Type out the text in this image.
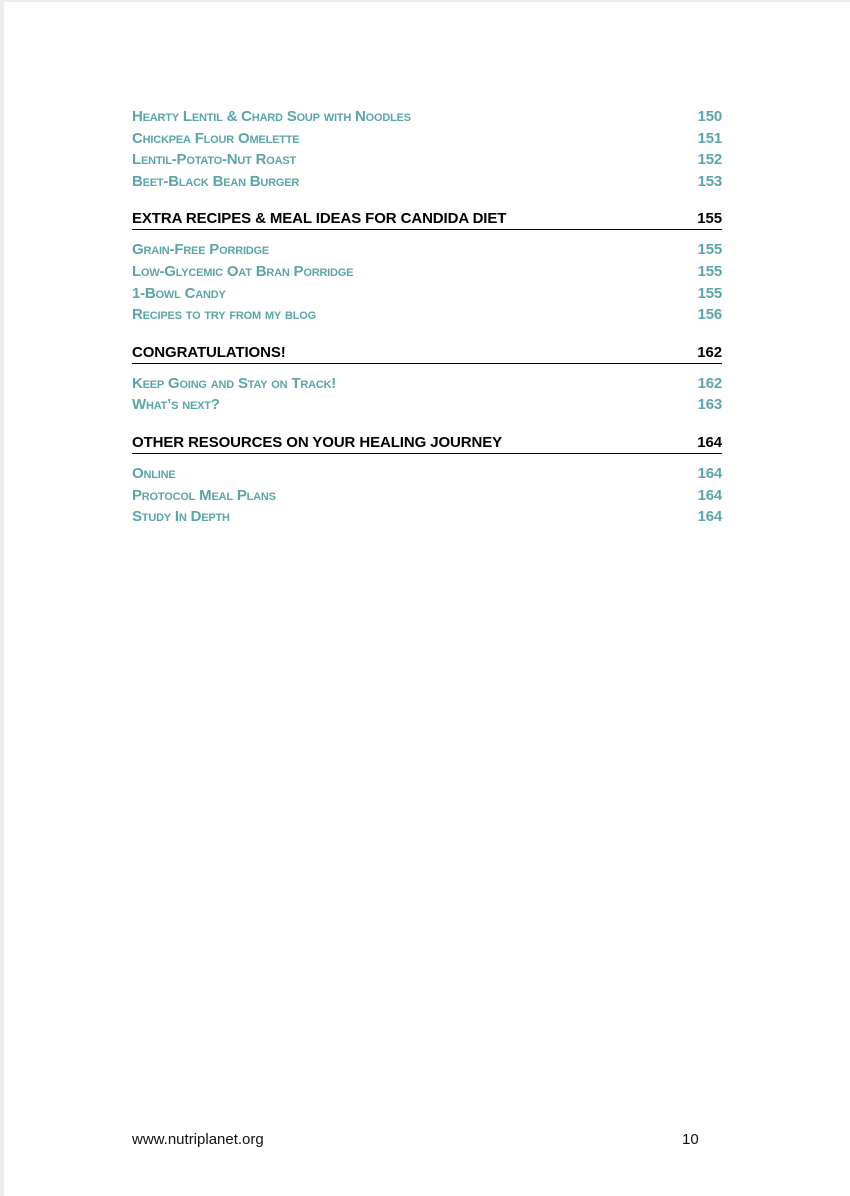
Hearty Lentil & Chard Soup with Noodles	150
Chickpea Flour Omelette	151
Lentil-Potato-Nut Roast	152
Beet-Black Bean Burger	153
EXTRA RECIPES & MEAL IDEAS FOR CANDIDA DIET	155
Grain-Free Porridge	155
Low-Glycemic Oat Bran Porridge	155
1-Bowl Candy	155
Recipes to try from my blog	156
CONGRATULATIONS!	162
Keep Going and Stay on Track!	162
What’s next?	163
OTHER RESOURCES ON YOUR HEALING JOURNEY	164
Online	164
Protocol Meal Plans	164
Study In Depth	164
www.nutriplanet.org	10
